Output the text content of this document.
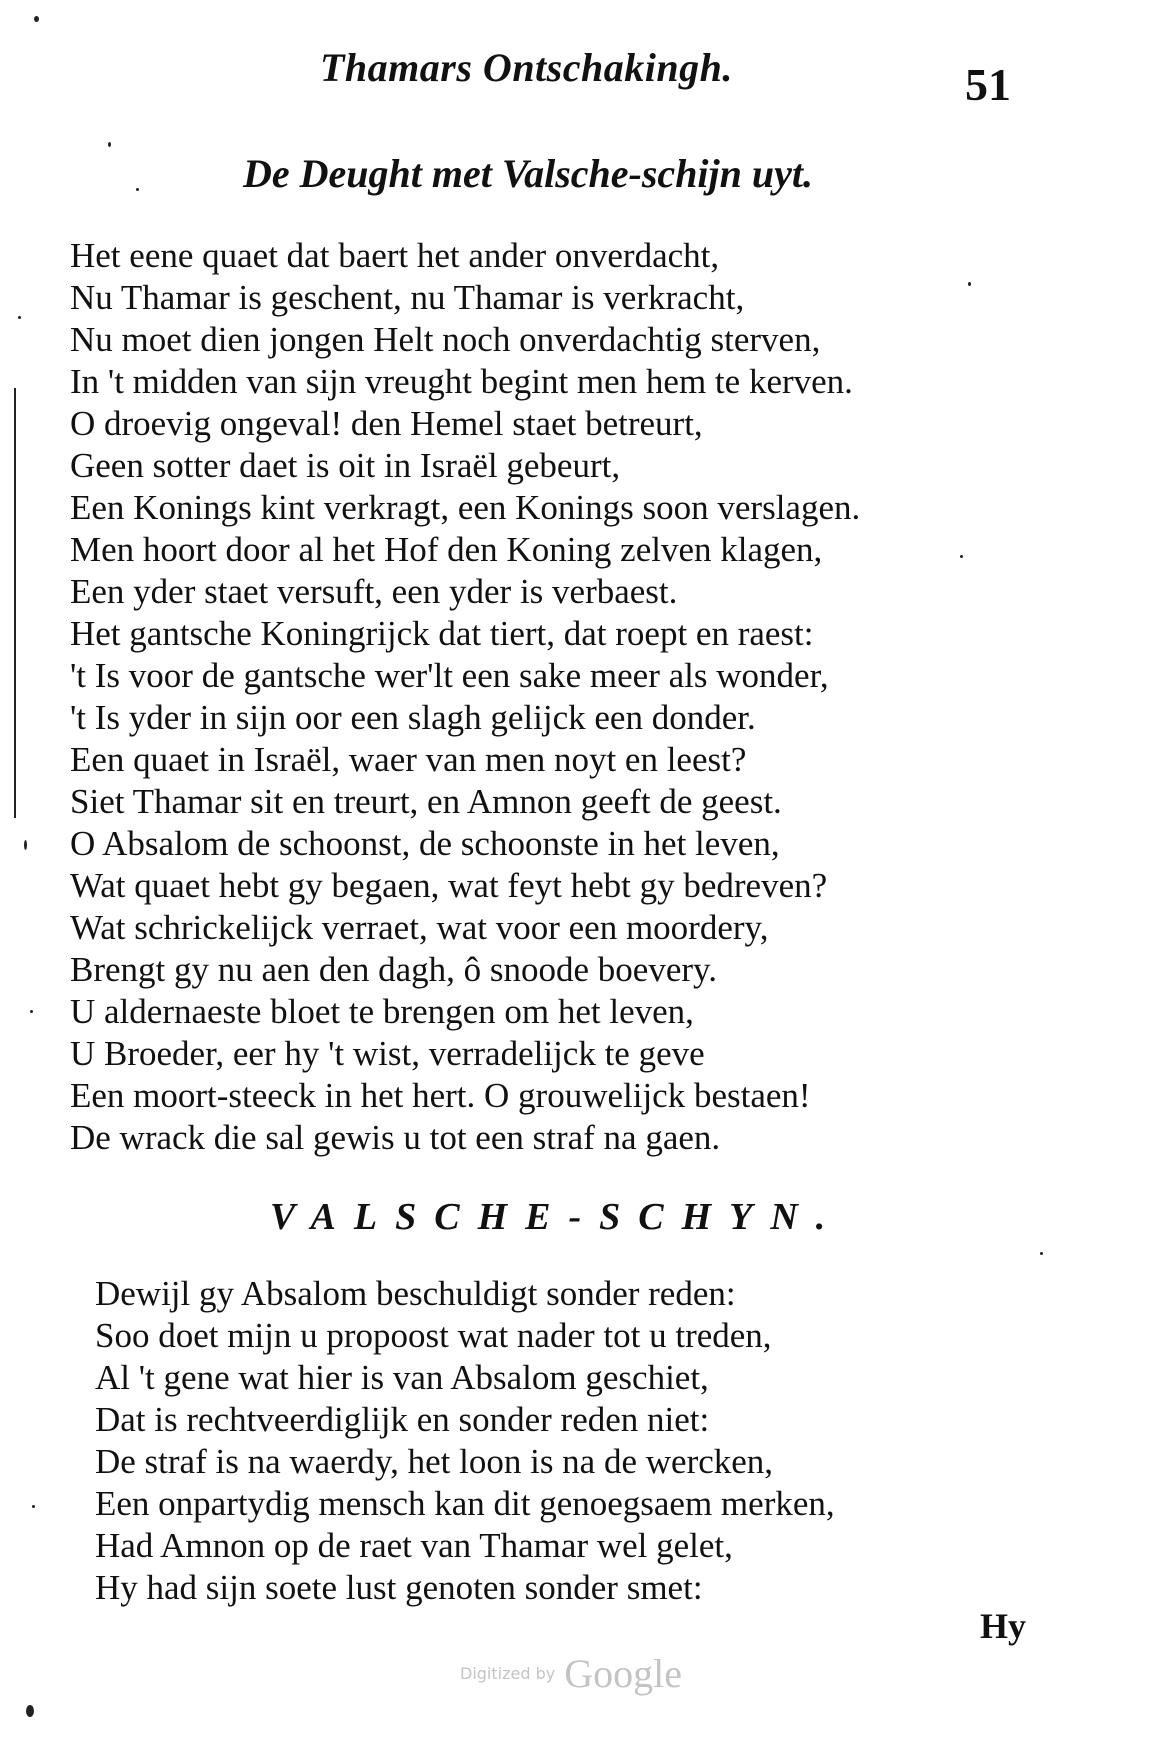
Thamars Ontschakingh.	51
De Deught met Valsche-schijn uyt.
Het eene quaet dat baert het ander onverdacht,
Nu Thamar is geschent, nu Thamar is verkracht,
Nu moet dien jongen Helt noch onverdachtig sterven,
In 't midden van sijn vreught begint men hem te kerven.
O droevig ongeval! den Hemel staet betreurt,
Geen sotter daet is oit in Israël gebeurt,
Een Konings kint verkragt, een Konings soon verslagen.
Men hoort door al het Hof den Koning zelven klagen,
Een yder staet versuft, een yder is verbaest.
Het gantsche Koningrijck dat tiert, dat roept en raest:
't Is voor de gantsche wer'lt een sake meer als wonder,
't Is yder in sijn oor een slagh gelijck een donder.
Een quaet in Israël, waer van men noyt en leest?
Siet Thamar sit en treurt, en Amnon geeft de geest.
O Absalom de schoonst, de schoonste in het leven,
Wat quaet hebt gy begaen, wat feyt hebt gy bedreven?
Wat schrickelijck verraet, wat voor een moordery,
Brengt gy nu aen den dagh, ô snoode boevery.
U aldernaeste bloet te brengen om het leven,
U Broeder, eer hy 't wist, verradelijck te geve
Een moort-steeck in het hert. O grouwelijck bestaen!
De wrack die sal gewis u tot een straf na gaen.
VALSCHE-SCHYN.
Dewijl gy Absalom beschuldigt sonder reden:
Soo doet mijn u propoost wat nader tot u treden,
Al 't gene wat hier is van Absalom geschiet,
Dat is rechtveerdiglijk en sonder reden niet:
De straf is na waerdy, het loon is na de wercken,
Een onpartydig mensch kan dit genoegsaem merken,
Had Amnon op de raet van Thamar wel gelet,
Hy had sijn soete lust genoten sonder smet:
Hy
Digitized by Google
